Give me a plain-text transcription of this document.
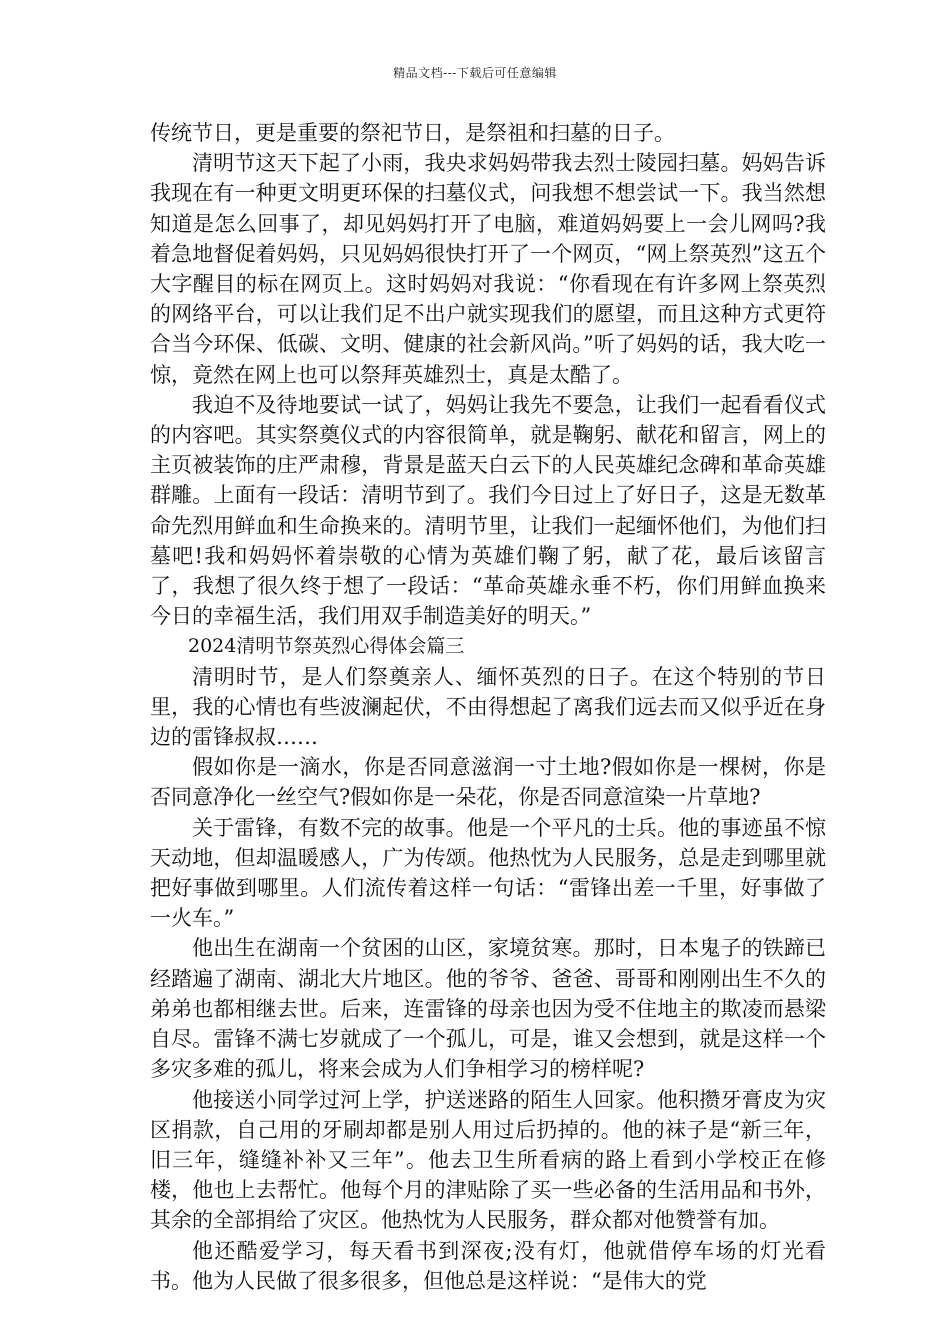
精品文档---下载后可任意编辑

传统节日，更是重要的祭祀节日，是祭祖和扫墓的日子。

清明节这天下起了小雨，我央求妈妈带我去烈士陵园扫墓。妈妈告诉我现在有一种更文明更环保的扫墓仪式，问我想不想尝试一下。我当然想知道是怎么回事了，却见妈妈打开了电脑，难道妈妈要上一会儿网吗?我着急地督促着妈妈，只见妈妈很快打开了一个网页，“网上祭英烈”这五个大字醒目的标在网页上。这时妈妈对我说：“你看现在有许多网上祭英烈的网络平台，可以让我们足不出户就实现我们的愿望，而且这种方式更符合当今环保、低碳、文明、健康的社会新风尚。”听了妈妈的话，我大吃一惊，竟然在网上也可以祭拜英雄烈士，真是太酷了。

我迫不及待地要试一试了，妈妈让我先不要急，让我们一起看看仪式的内容吧。其实祭奠仪式的内容很简单，就是鞠躬、献花和留言，网上的主页被装饰的庄严肃穆，背景是蓝天白云下的人民英雄纪念碑和革命英雄群雕。上面有一段话：清明节到了。我们今日过上了好日子，这是无数革命先烈用鲜血和生命换来的。清明节里，让我们一起缅怀他们，为他们扫墓吧!我和妈妈怀着崇敬的心情为英雄们鞠了躬，献了花，最后该留言了，我想了很久终于想了一段话：“革命英雄永垂不朽，你们用鲜血换来今日的幸福生活，我们用双手制造美好的明天。”

2024清明节祭英烈心得体会篇三

清明时节，是人们祭奠亲人、缅怀英烈的日子。在这个特别的节日里，我的心情也有些波澜起伏，不由得想起了离我们远去而又似乎近在身边的雷锋叔叔……

假如你是一滴水，你是否同意滋润一寸土地?假如你是一棵树，你是否同意净化一丝空气?假如你是一朵花，你是否同意渲染一片草地?

关于雷锋，有数不完的故事。他是一个平凡的士兵。他的事迹虽不惊天动地，但却温暖感人，广为传颂。他热忱为人民服务，总是走到哪里就把好事做到哪里。人们流传着这样一句话：“雷锋出差一千里，好事做了一火车。”

他出生在湖南一个贫困的山区，家境贫寒。那时，日本鬼子的铁蹄已经踏遍了湖南、湖北大片地区。他的爷爷、爸爸、哥哥和刚刚出生不久的弟弟也都相继去世。后来，连雷锋的母亲也因为受不住地主的欺凌而悬梁自尽。雷锋不满七岁就成了一个孤儿，可是，谁又会想到，就是这样一个多灾多难的孤儿，将来会成为人们争相学习的榜样呢?

他接送小同学过河上学，护送迷路的陌生人回家。他积攒牙膏皮为灾区捐款，自己用的牙刷却都是别人用过后扔掉的。他的袜子是“新三年，旧三年，缝缝补补又三年”。他去卫生所看病的路上看到小学校正在修楼，他也上去帮忙。他每个月的津贴除了买一些必备的生活用品和书外，其余的全部捐给了灾区。他热忱为人民服务，群众都对他赞誉有加。

他还酷爱学习，每天看书到深夜;没有灯，他就借停车场的灯光看书。他为人民做了很多很多，但他总是这样说：“是伟大的党
